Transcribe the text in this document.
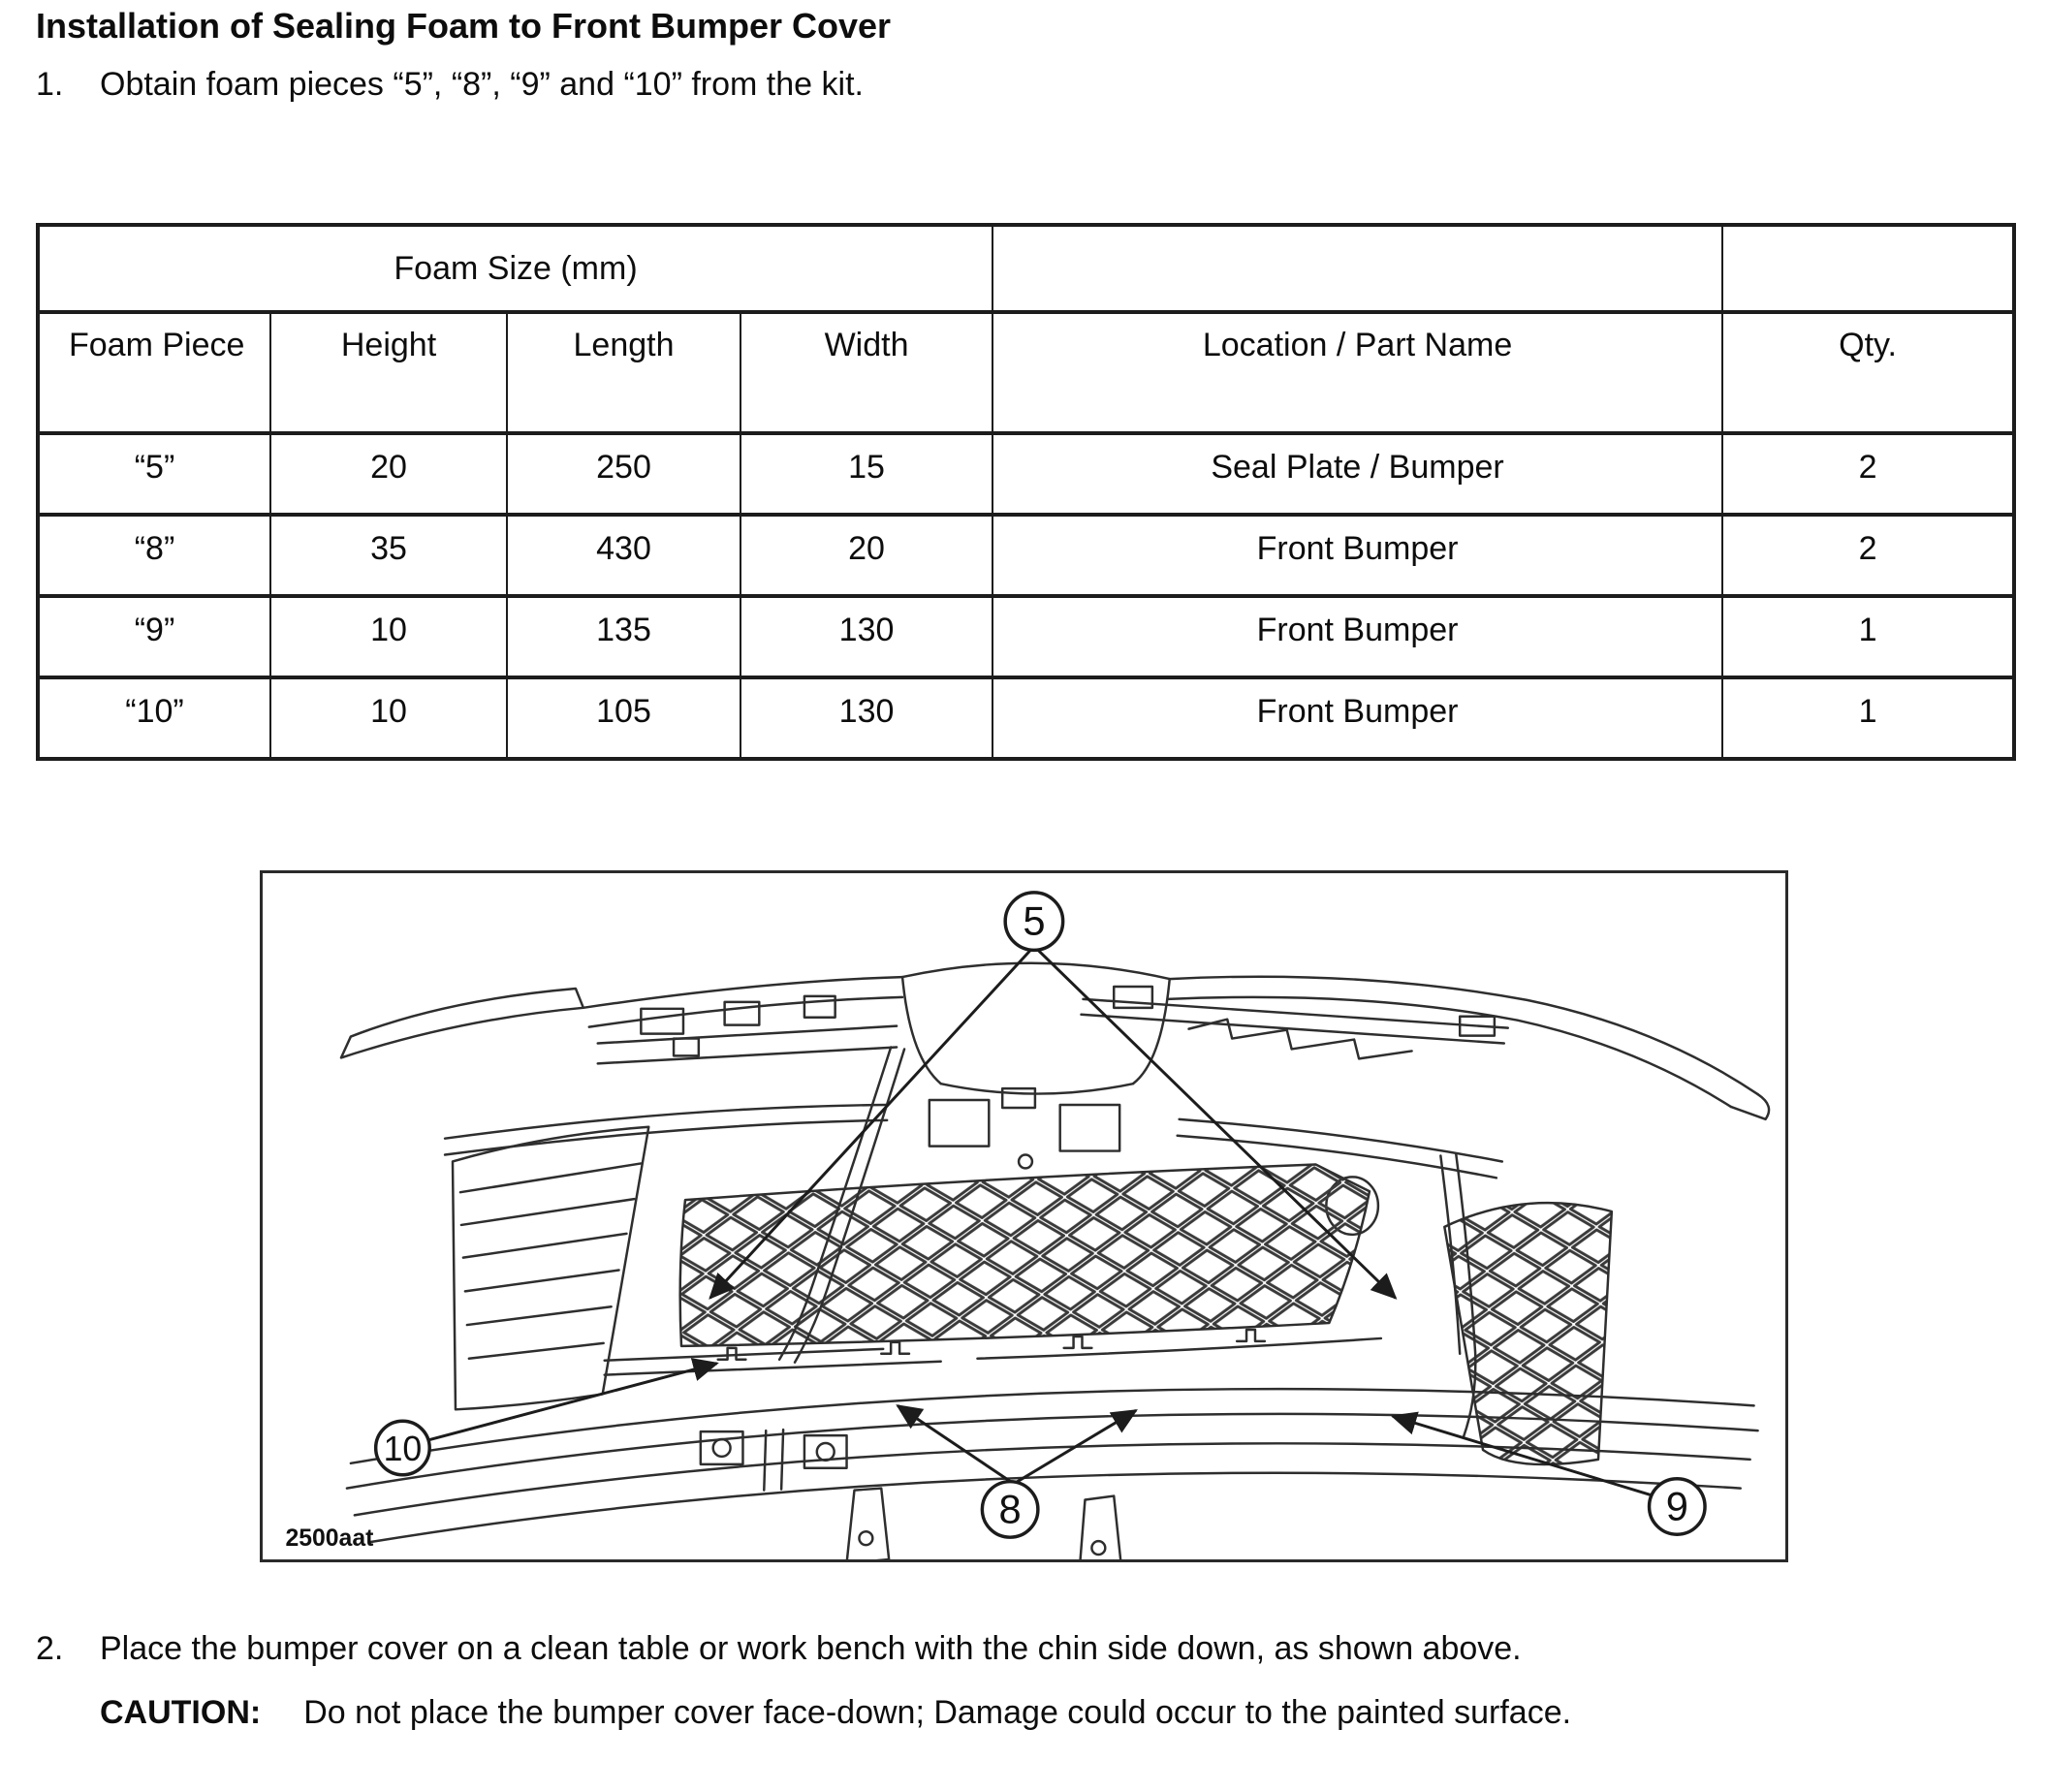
Installation of Sealing Foam to Front Bumper Cover
1. Obtain foam pieces “5”, “8”, “9” and “10” from the kit.
Foam Size (mm)					
Foam Piece	Height	Length	Width	Location / Part Name	Qty.
“5”	20	250	15	Seal Plate / Bumper	2
“8”	35	430	20	Front Bumper	2
“9”	10	135	130	Front Bumper	1
“10”	10	105	130	Front Bumper	1
5
10
8	9
2500aat
2. Place the bumper cover on a clean table or work bench with the chin side down, as shown above.
CAUTION: Do not place the bumper cover face-down; Damage could occur to the painted surface.
